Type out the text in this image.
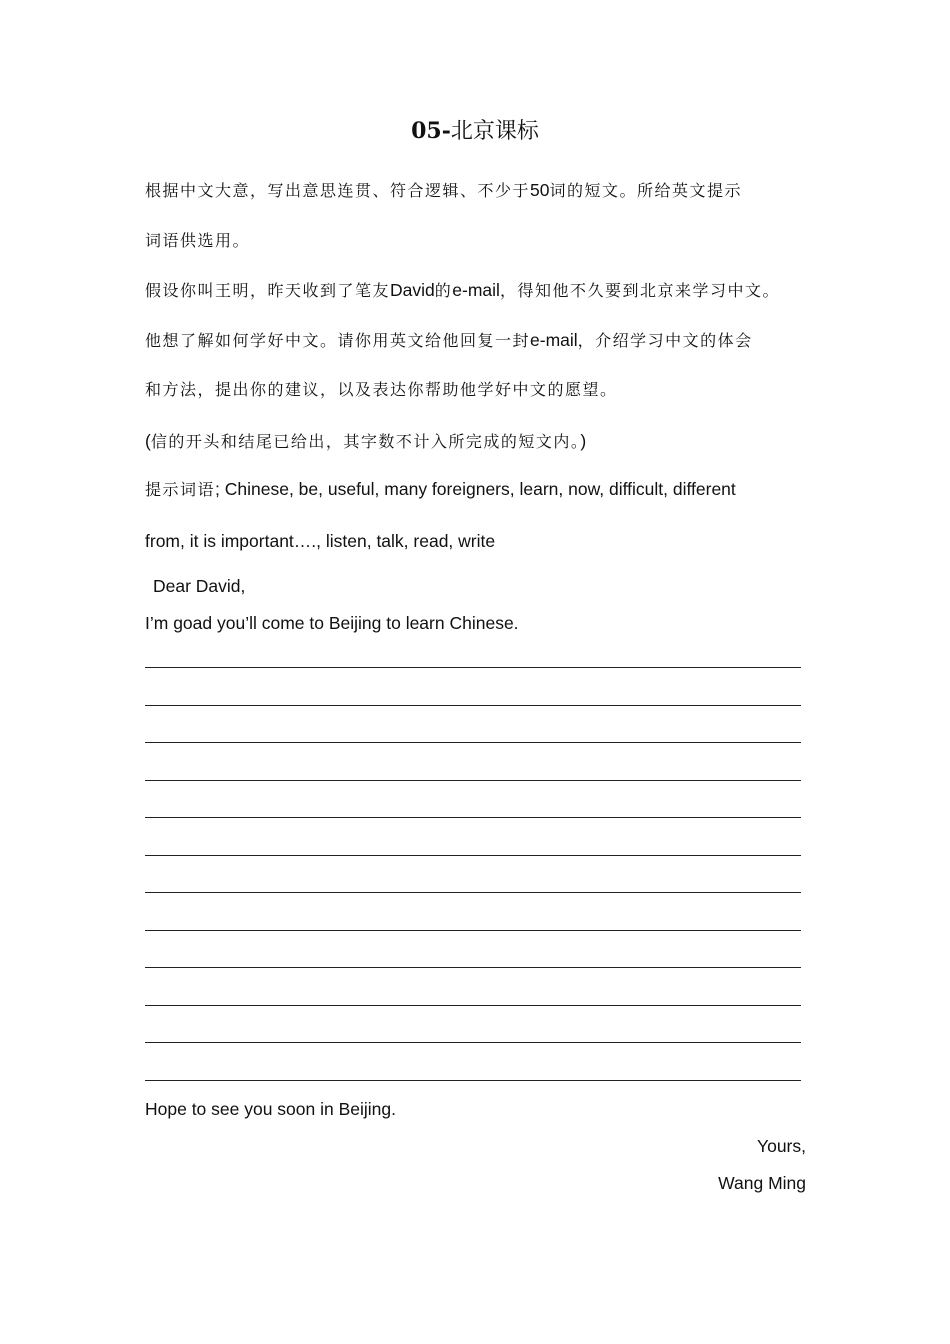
05-北京课标
根据中文大意，写出意思连贯、符合逻辑、不少于50词的短文。所给英文提示
词语供选用。
假设你叫王明，昨天收到了笔友David的e-mail，得知他不久要到北京来学习中文。
他想了解如何学好中文。请你用英文给他回复一封e-mail，介绍学习中文的体会
和方法，提出你的建议，以及表达你帮助他学好中文的愿望。
(信的开头和结尾已给出，其字数不计入所完成的短文内。)
提示词语; Chinese, be, useful, many foreigners, learn, now, difficult, different
from, it is important…., listen, talk, read, write
Dear David,
I’m goad you’ll come to Beijing to learn Chinese.
Hope to see you soon in Beijing.
Yours,
Wang Ming
